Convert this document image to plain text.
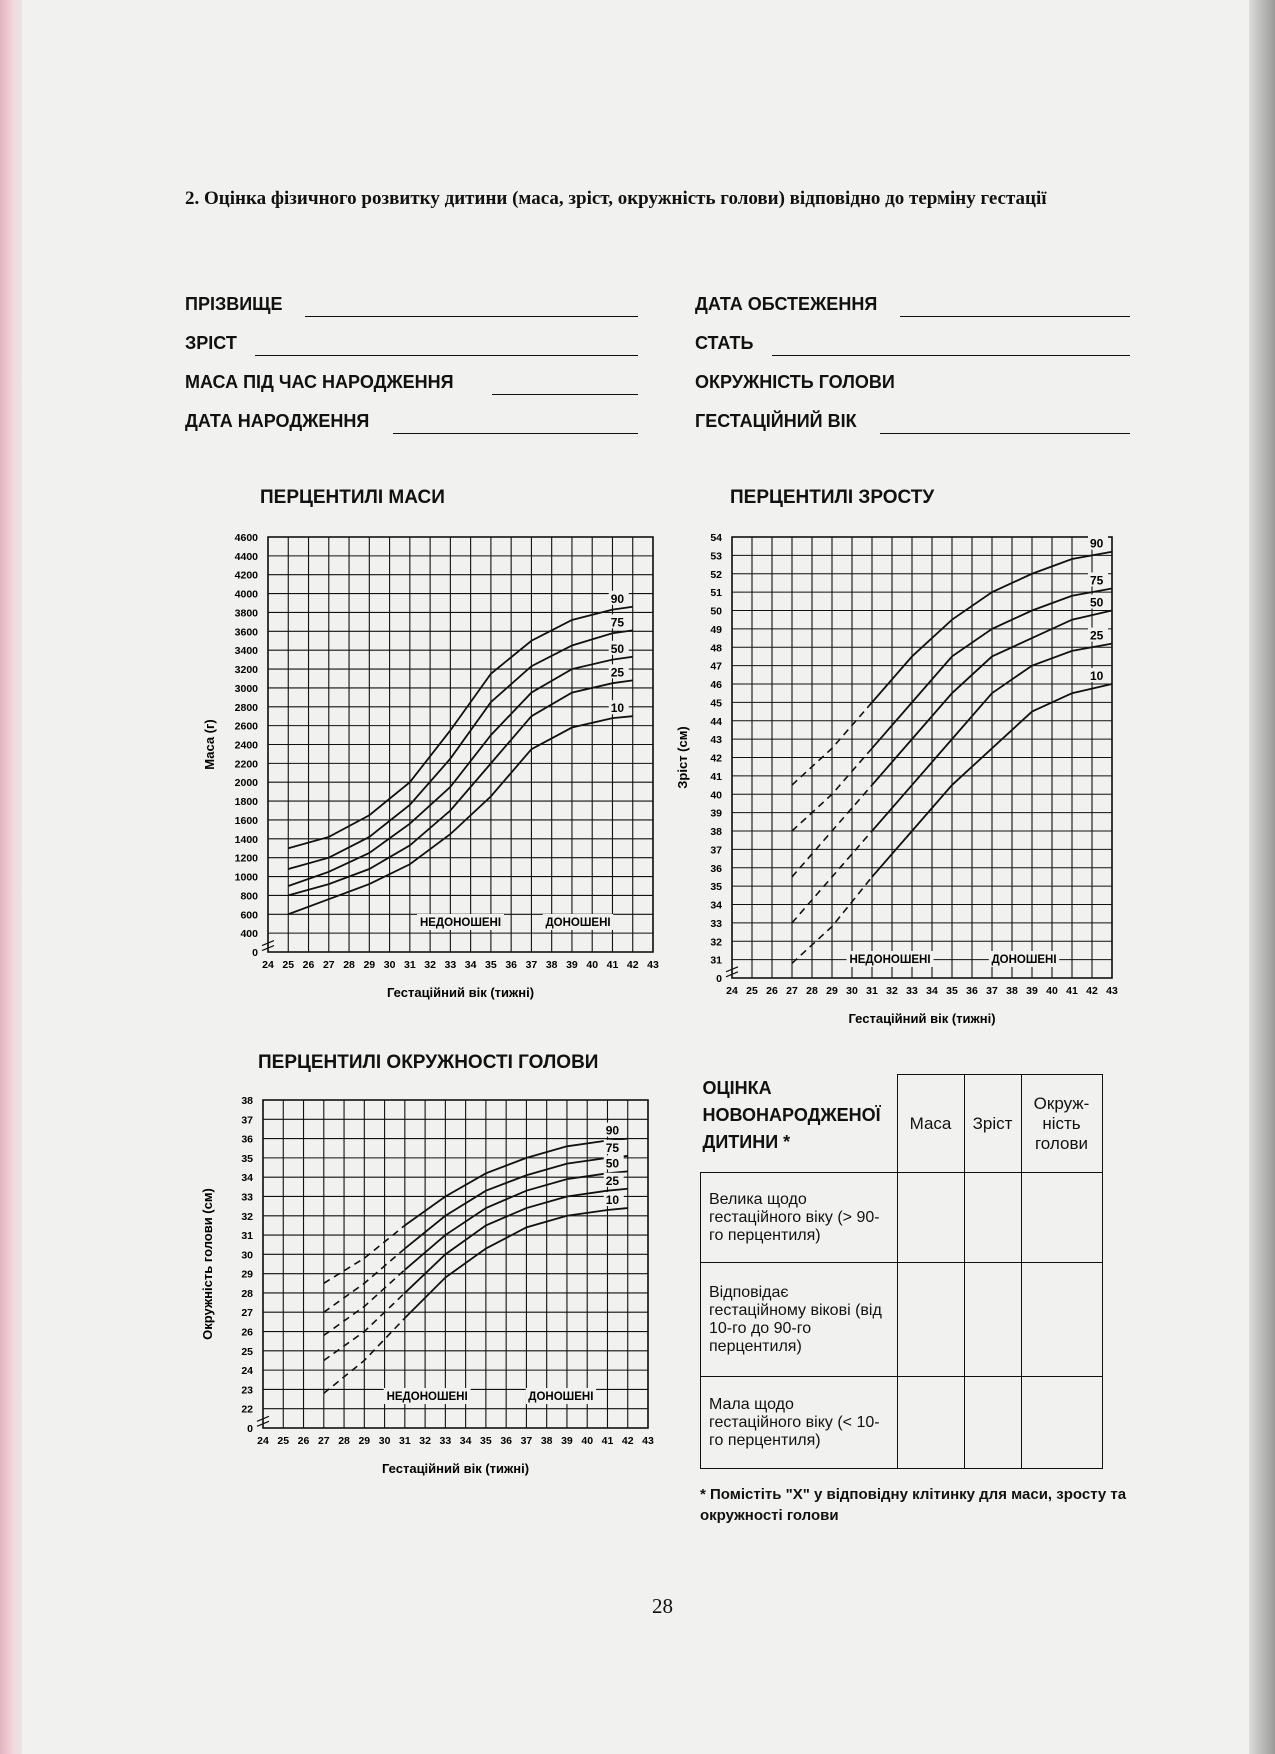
2. Оцінка фізичного розвитку дитини (маса, зріст, окружність голови) відповідно до терміну гестації
ПРІЗВИЩЕ
ЗРІСТ
МАСА ПІД ЧАС НАРОДЖЕННЯ
ДАТА НАРОДЖЕННЯ
ДАТА ОБСТЕЖЕННЯ
СТАТЬ
ОКРУЖНІСТЬ ГОЛОВИ
ГЕСТАЦІЙНИЙ ВІК
ПЕРЦЕНТИЛІ МАСИ	ПЕРЦЕНТИЛІ ЗРОСТУ
ПЕРЦЕНТИЛІ ОКРУЖНОСТІ ГОЛОВИ
0
400
600
800
1000
1200
1400
1600
1800
2000
2200
2400
2600
2800
3000
3200
3400
3600
3800
4000
4200
4400
4600
24 25 26 27 28 29 30 31 32 33 34 35 36 37 38 39 40 41 42 43
Гестаційний вік (тижні)
Маса (г)
НЕДОНОШЕНІ	ДОНОШЕНІ
90
75
50
25
10
0
31
32
33
34
35
36
37
38
39
40
41
42
43
44
45
46
47
48
49
50
51
52
53
54
24 25 26 27 28 29 30 31 32 33 34 35 36 37 38 39 40 41 42 43
Гестаційний вік (тижні)
Зріст (см)
НЕДОНОШЕНІ	ДОНОШЕНІ
90
75
50
25
10
0
22
23
24
25
26
27
28
29
30
31
32
33
34
35
36
37
38
24 25 26 27 28 29 30 31 32 33 34 35 36 37 38 39 40 41 42 43
Гестаційний вік (тижні)
Окружність голови (см)
НЕДОНОШЕНІ	ДОНОШЕНІ
90
75
50
25
10
ОЦІНКА НОВОНАРОДЖЕНОЇ ДИТИНИ *	Маса	Зріст	Окруж-ність голови
Велика щодо гестаційного віку (> 90-го перцентиля)			
Відповідає гестаційному вікові (від 10-го до 90-го перцентиля)			
Мала щодо гестаційного віку (< 10-го перцентиля)			
* Помістіть "X" у відповідну клітинку для маси, зросту та окружності голови
28
